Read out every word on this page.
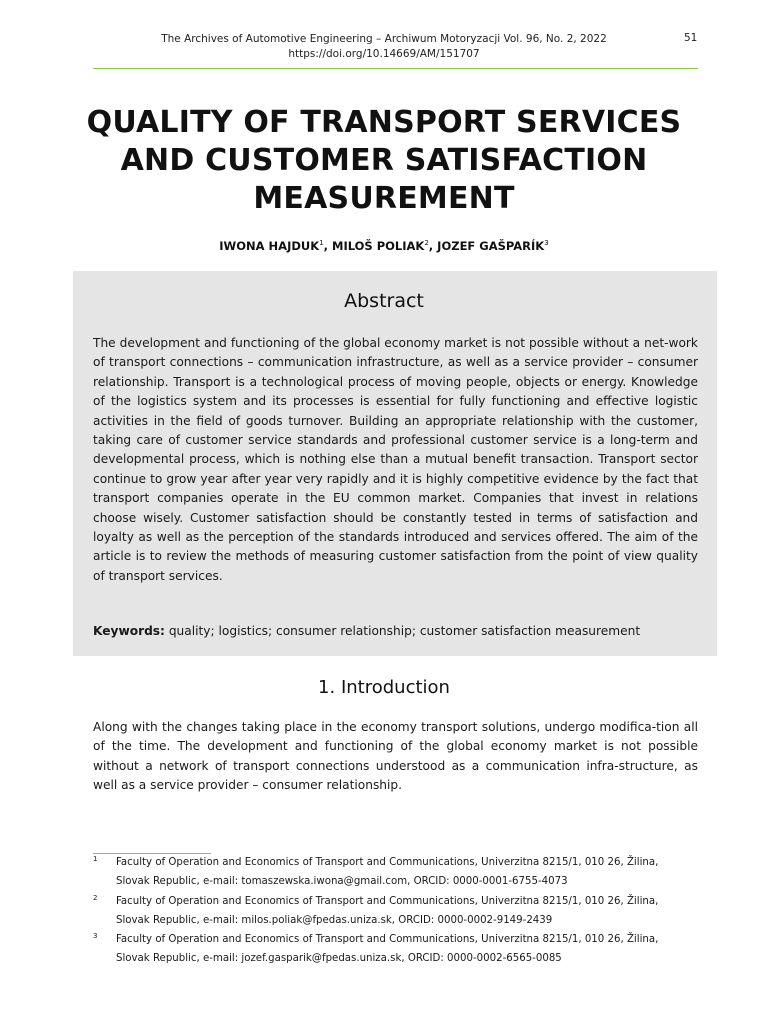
The Archives of Automotive Engineering – Archiwum Motoryzacji Vol. 96, No. 2, 2022
https://doi.org/10.14669/AM/151707
51
QUALITY OF TRANSPORT SERVICES
AND CUSTOMER SATISFACTION
MEASUREMENT
IWONA HAJDUK$^1$, MILOŠ POLIAK$^2$, JOZEF GAŠPARÍK$^3$
Abstract
The development and functioning of the global economy market is not possible without a net-work of transport connections – communication infrastructure, as well as a service provider – consumer relationship. Transport is a technological process of moving people, objects or energy. Knowledge of the logistics system and its processes is essential for fully functioning and effective logistic activities in the field of goods turnover. Building an appropriate relationship with the customer, taking care of customer service standards and professional customer service is a long-term and developmental process, which is nothing else than a mutual benefit transaction. Transport sector continue to grow year after year very rapidly and it is highly competitive evidence by the fact that transport companies operate in the EU common market. Companies that invest in relations choose wisely. Customer satisfaction should be constantly tested in terms of satisfaction and loyalty as well as the perception of the standards introduced and services offered. The aim of the article is to review the methods of measuring customer satisfaction from the point of view quality of transport services.
Keywords: quality; logistics; consumer relationship; customer satisfaction measurement
1. Introduction
Along with the changes taking place in the economy transport solutions, undergo modifica-tion all of the time. The development and functioning of the global economy market is not possible without a network of transport connections understood as a communication infra-structure, as well as a service provider – consumer relationship.
1 Faculty of Operation and Economics of Transport and Communications, Univerzitna 8215/1, 010 26, Žilina,
Slovak Republic, e-mail: tomaszewska.iwona@gmail.com, ORCID: 0000-0001-6755-4073
2 Faculty of Operation and Economics of Transport and Communications, Univerzitna 8215/1, 010 26, Žilina,
Slovak Republic, e-mail: milos.poliak@fpedas.uniza.sk, ORCID: 0000-0002-9149-2439
3 Faculty of Operation and Economics of Transport and Communications, Univerzitna 8215/1, 010 26, Žilina,
Slovak Republic, e-mail: jozef.gasparik@fpedas.uniza.sk, ORCID: 0000-0002-6565-0085
